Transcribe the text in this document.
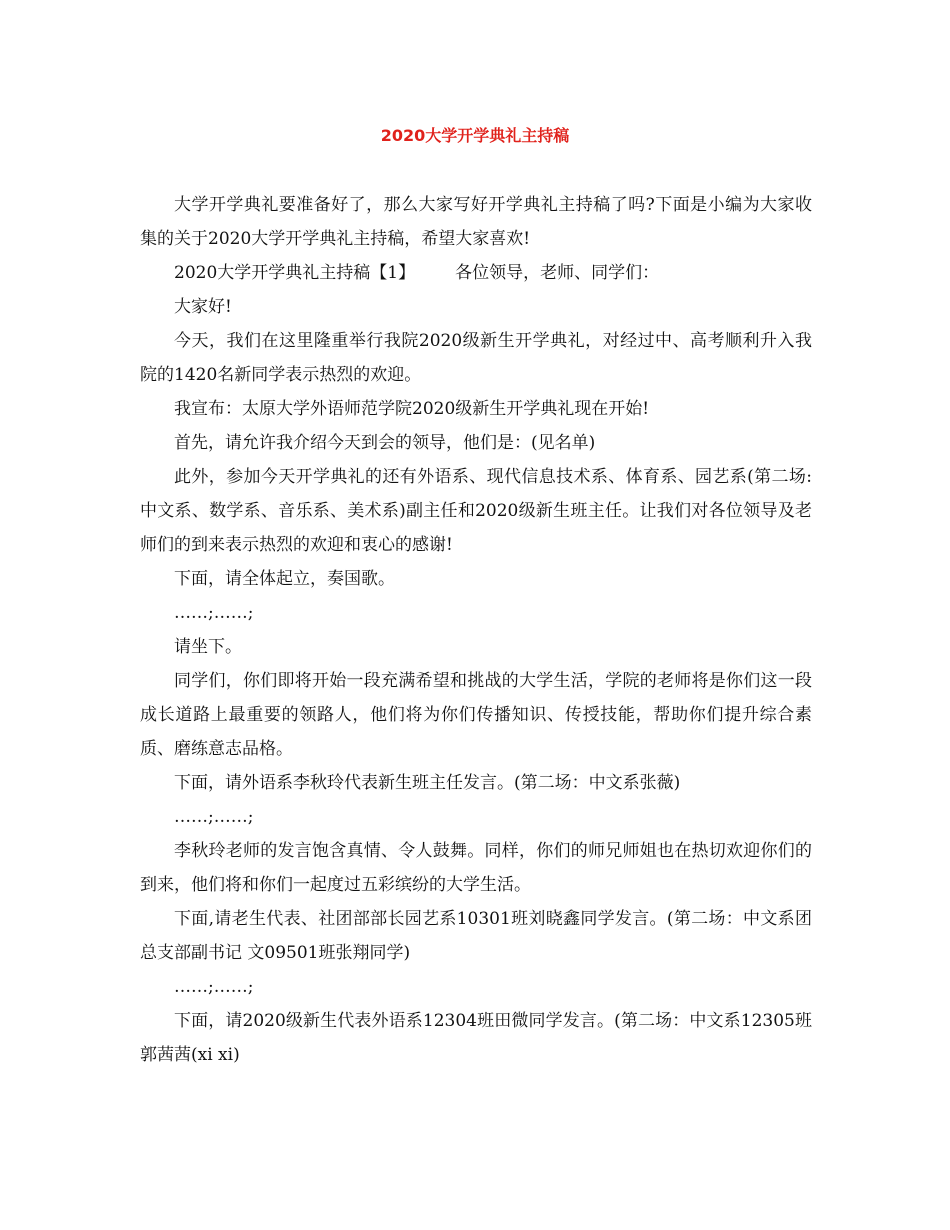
2020大学开学典礼主持稿

大学开学典礼要准备好了，那么大家写好开学典礼主持稿了吗?下面是小编为大家收集的关于2020大学开学典礼主持稿，希望大家喜欢!

2020大学开学典礼主持稿【1】 各位领导，老师、同学们：

大家好!

今天，我们在这里隆重举行我院2020级新生开学典礼，对经过中、高考顺利升入我院的1420名新同学表示热烈的欢迎。

我宣布：太原大学外语师范学院2020级新生开学典礼现在开始!

首先，请允许我介绍今天到会的领导，他们是：(见名单)

此外，参加今天开学典礼的还有外语系、现代信息技术系、体育系、园艺系(第二场:中文系、数学系、音乐系、美术系)副主任和2020级新生班主任。让我们对各位领导及老师们的到来表示热烈的欢迎和衷心的感谢!

下面，请全体起立，奏国歌。

……;……;

请坐下。

同学们，你们即将开始一段充满希望和挑战的大学生活，学院的老师将是你们这一段成长道路上最重要的领路人，他们将为你们传播知识、传授技能，帮助你们提升综合素质、磨练意志品格。

下面，请外语系李秋玲代表新生班主任发言。(第二场：中文系张薇)

……;……;

李秋玲老师的发言饱含真情、令人鼓舞。同样，你们的师兄师姐也在热切欢迎你们的到来，他们将和你们一起度过五彩缤纷的大学生活。

下面,请老生代表、社团部部长园艺系10301班刘晓鑫同学发言。(第二场：中文系团总支部副书记 文09501班张翔同学)

……;……;

下面，请2020级新生代表外语系12304班田微同学发言。(第二场：中文系12305班郭茜茜(xi xi)
